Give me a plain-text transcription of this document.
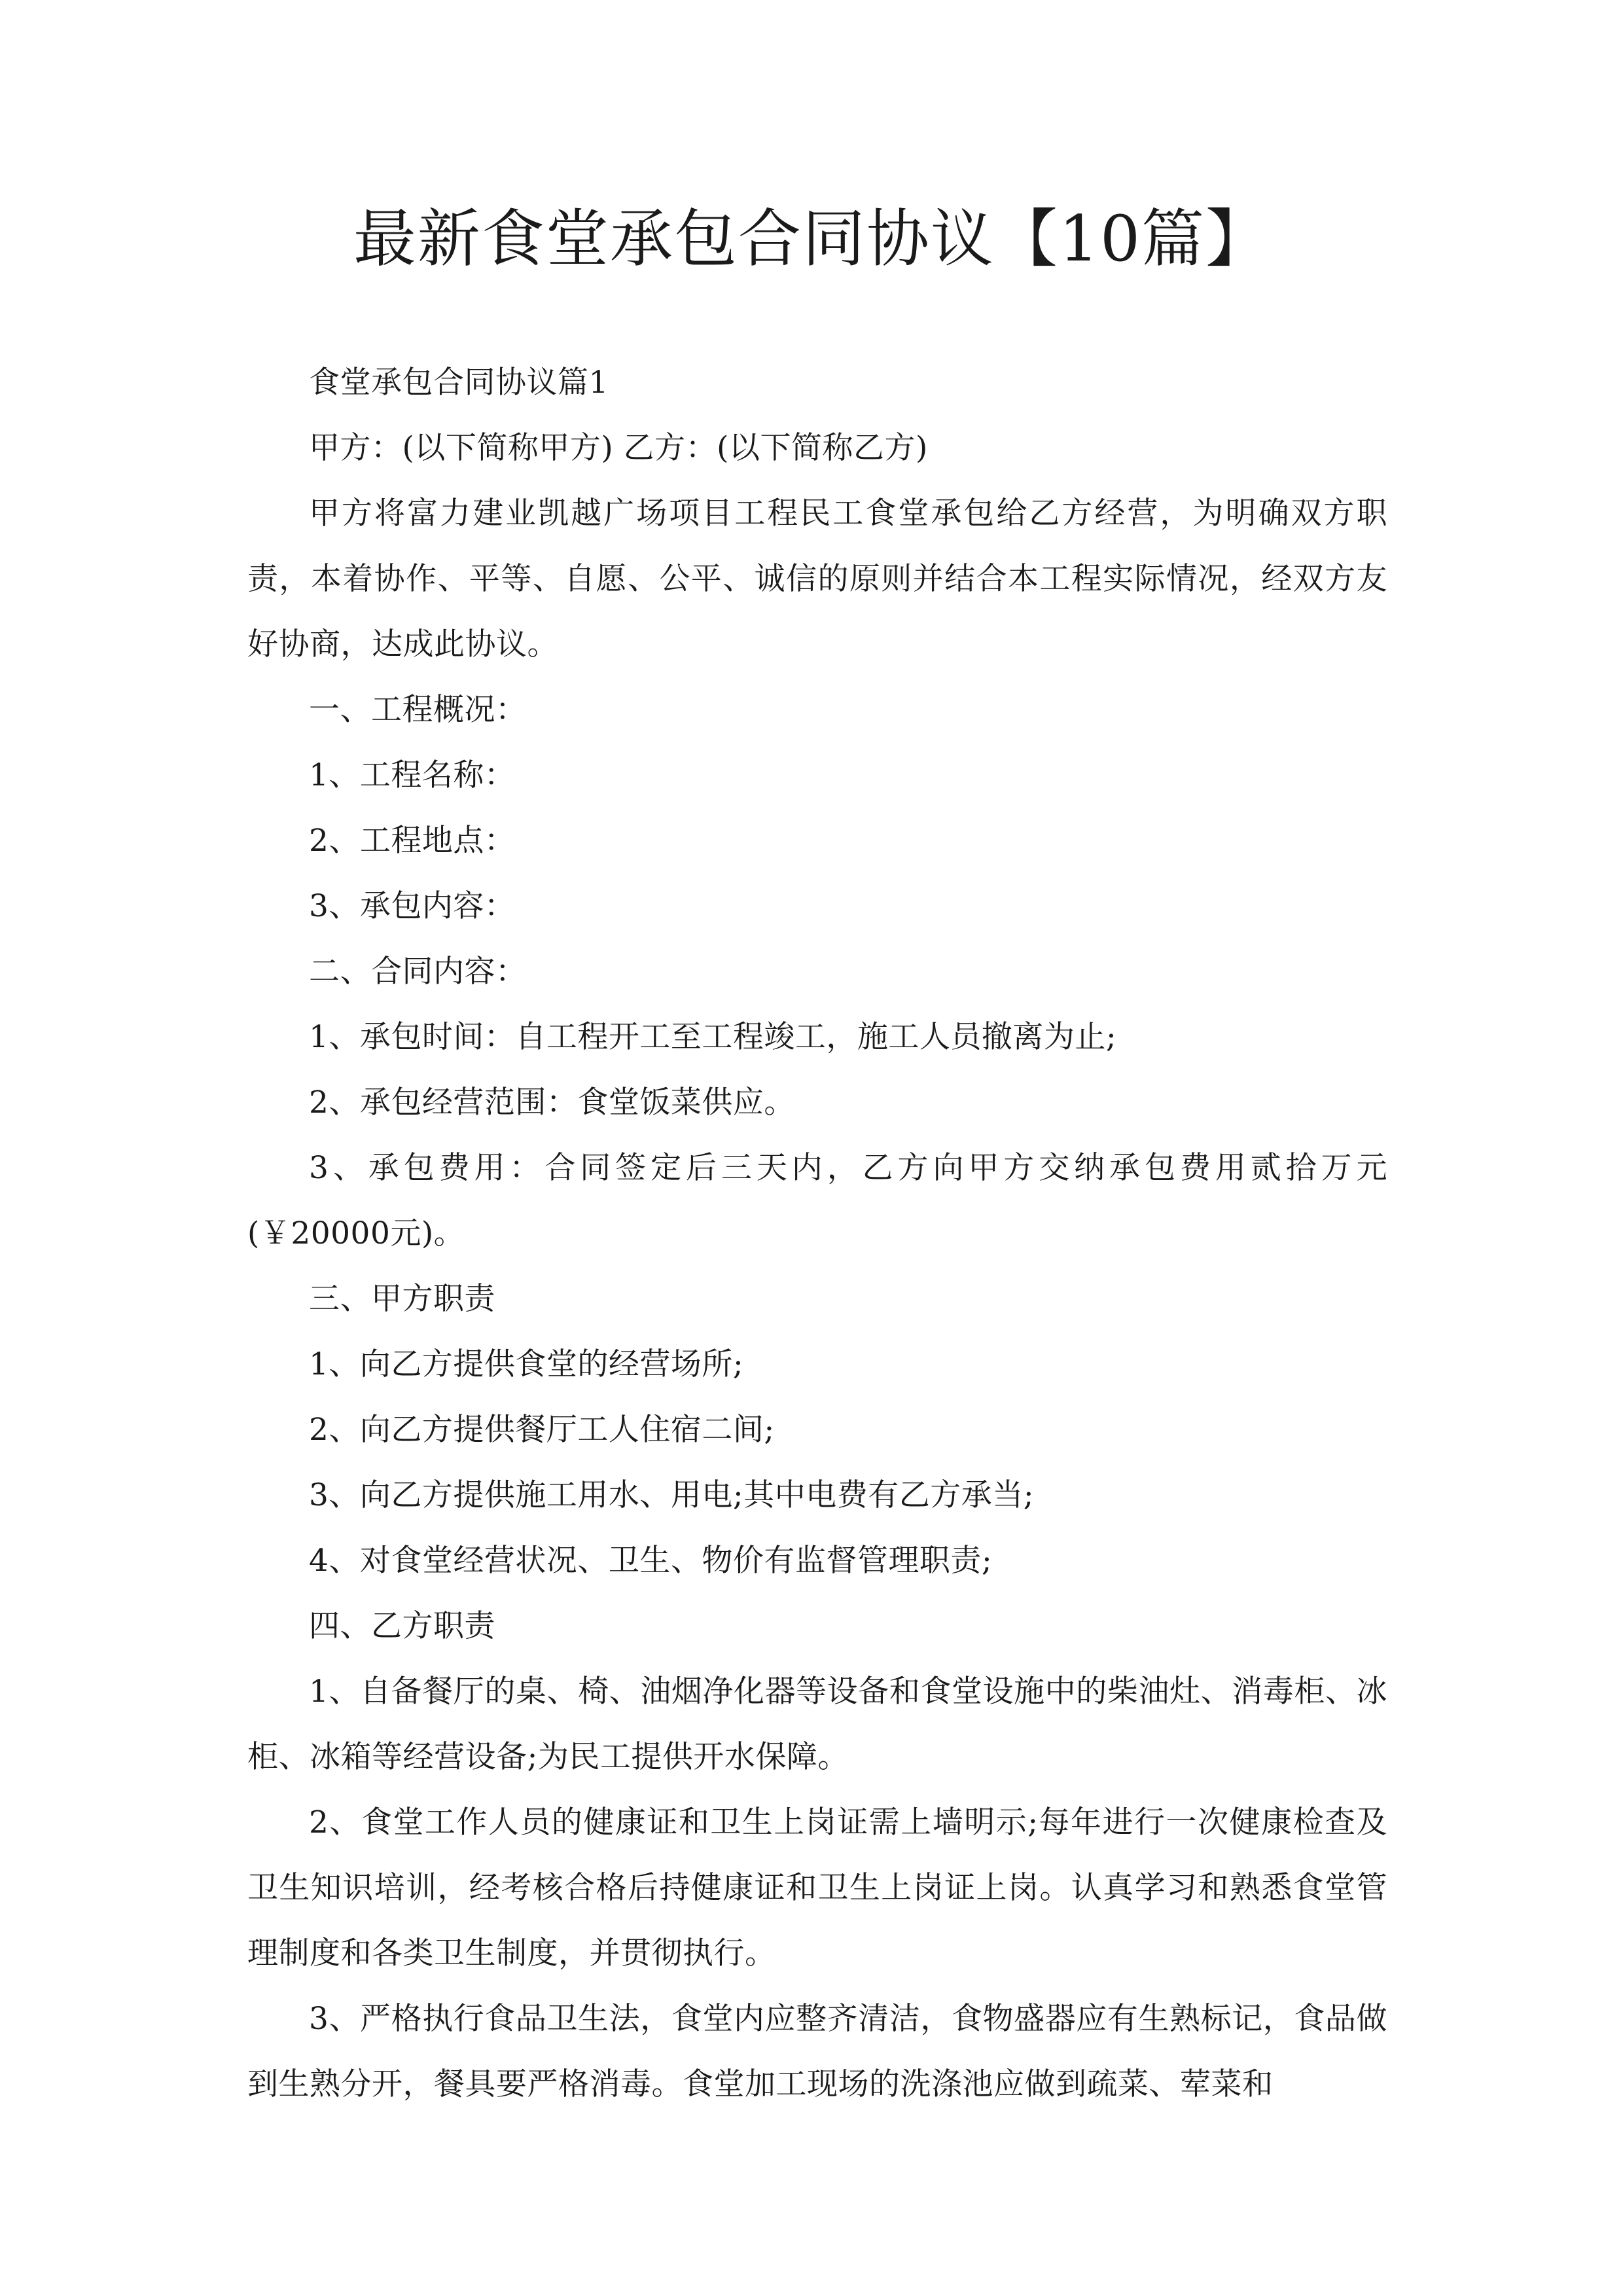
最新食堂承包合同协议【10篇】

食堂承包合同协议篇1

甲方：(以下简称甲方) 乙方：(以下简称乙方)

甲方将富力建业凯越广场项目工程民工食堂承包给乙方经营，为明确双方职责，本着协作、平等、自愿、公平、诚信的原则并结合本工程实际情况，经双方友好协商，达成此协议。

一、工程概况：

1、工程名称：

2、工程地点：

3、承包内容：

二、合同内容：

1、承包时间：自工程开工至工程竣工，施工人员撤离为止;

2、承包经营范围：食堂饭菜供应。

3、承包费用：合同签定后三天内，乙方向甲方交纳承包费用贰拾万元(￥20000元)。

三、甲方职责

1、向乙方提供食堂的经营场所;

2、向乙方提供餐厅工人住宿二间;

3、向乙方提供施工用水、用电;其中电费有乙方承当;

4、对食堂经营状况、卫生、物价有监督管理职责;

四、乙方职责

1、自备餐厅的桌、椅、油烟净化器等设备和食堂设施中的柴油灶、消毒柜、冰柜、冰箱等经营设备;为民工提供开水保障。

2、食堂工作人员的健康证和卫生上岗证需上墙明示;每年进行一次健康检查及卫生知识培训，经考核合格后持健康证和卫生上岗证上岗。认真学习和熟悉食堂管理制度和各类卫生制度，并贯彻执行。

3、严格执行食品卫生法，食堂内应整齐清洁，食物盛器应有生熟标记，食品做到生熟分开，餐具要严格消毒。食堂加工现场的洗涤池应做到疏菜、荤菜和
